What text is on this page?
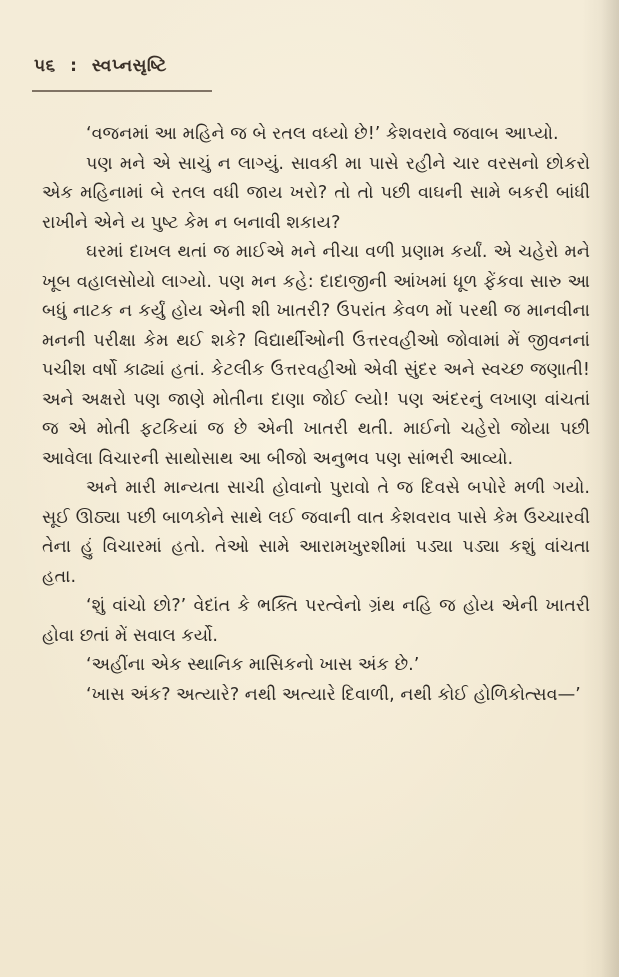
૫૬ : સ્વપ્નસૃષ્ટિ

‘વજનમાં આ મહિને જ બે રતલ વધ્યો છે!’ કેશવરાવે જવાબ આપ્યો.

પણ મને એ સાચું ન લાગ્યું. સાવકી મા પાસે રહીને ચાર વરસનો છોકરો એક મહિનામાં બે રતલ વધી જાય ખરો? તો તો પછી વાઘની સામે બકરી બાંધી રાખીને એને ય પુષ્ટ કેમ ન બનાવી શકાય?

ઘરમાં દાખલ થતાં જ માઈએ મને નીચા વળી પ્રણામ કર્યાં. એ ચહેરો મને ખૂબ વહાલસોયો લાગ્યો. પણ મન કહે: દાદાજીની આંખમાં ધૂળ ફેંકવા સારુ આ બધું નાટક ન કર્યું હોય એની શી ખાતરી? ઉપરાંત કેવળ મોં પરથી જ માનવીના મનની પરીક્ષા કેમ થઈ શકે? વિદ્યાર્થીઓની ઉત્તરવહીઓ જોવામાં મેં જીવનનાં પચીશ વર્ષો કાઢ્યાં હતાં. કેટલીક ઉત્તરવહીઓ એવી સુંદર અને સ્વચ્છ જણાતી! અને અક્ષરો પણ જાણે મોતીના દાણા જોઈ લ્યો! પણ અંદરનું લખાણ વાંચતાં જ એ મોતી ફટકિયાં જ છે એની ખાતરી થતી. માઈનો ચહેરો જોયા પછી આવેલા વિચારની સાથોસાથ આ બીજો અનુભવ પણ સાંભરી આવ્યો.

અને મારી માન્યતા સાચી હોવાનો પુરાવો તે જ દિવસે બપોરે મળી ગયો. સૂઈ ઊઠ્યા પછી બાળકોને સાથે લઈ જવાની વાત કેશવરાવ પાસે કેમ ઉચ્ચારવી તેના હું વિચારમાં હતો. તેઓ સામે આરામખુરશીમાં પડ્યા પડ્યા કશું વાંચતા હતા.

‘શું વાંચો છો?’ વેદાંત કે ભક્તિ પરત્વેનો ગ્રંથ નહિ જ હોય એની ખાતરી હોવા છતાં મેં સવાલ કર્યો.

‘અહીંના એક સ્થાનિક માસિકનો ખાસ અંક છે.’

‘ખાસ અંક? અત્યારે? નથી અત્યારે દિવાળી, નથી કોઈ હોળિકોત્સવ—’
